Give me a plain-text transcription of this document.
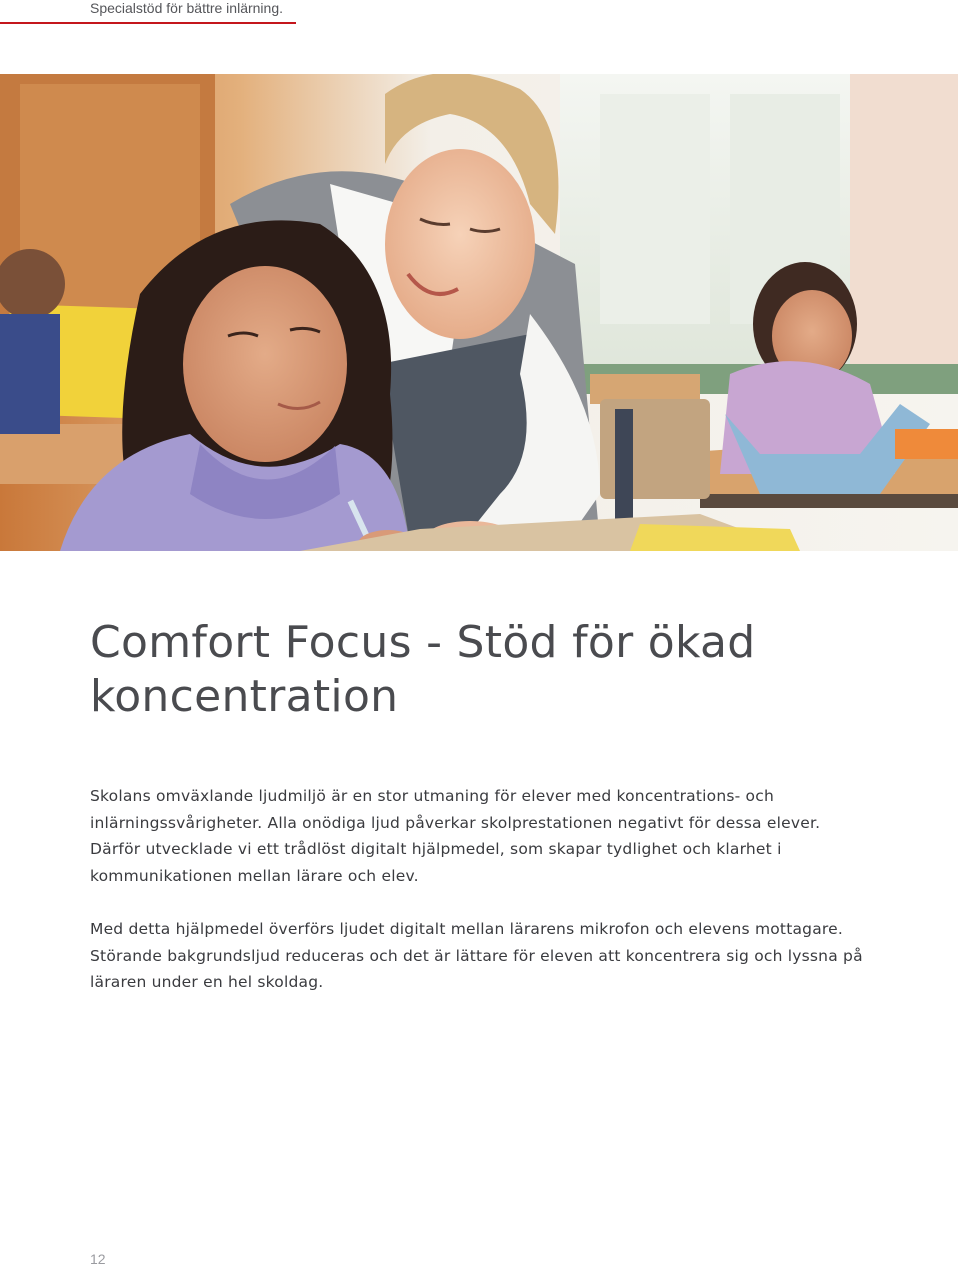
Specialstöd för bättre inlärning.
Comfort Focus - Stöd för ökad
koncentration

Skolans omväxlande ljudmiljö är en stor utmaning för elever med koncentrations- och inlärningssvårigheter. Alla onödiga ljud påverkar skolprestationen negativt för dessa elever. Därför utvecklade vi ett trådlöst digitalt hjälpmedel, som skapar tydlighet och klarhet i kommunikationen mellan lärare och elev.

Med detta hjälpmedel överförs ljudet digitalt mellan lärarens mikrofon och elevens mottagare. Störande bakgrundsljud reduceras och det är lättare för eleven att koncentrera sig och lyssna på läraren under en hel skoldag.

12
